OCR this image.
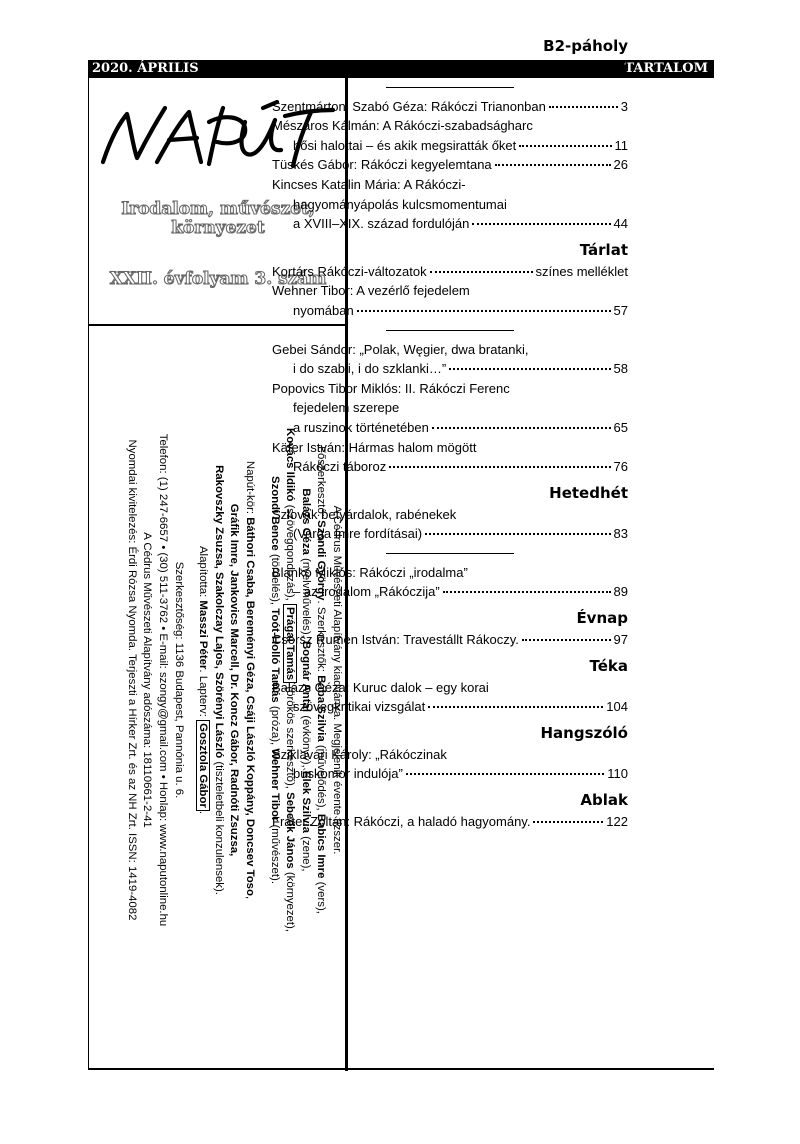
2020. ÁPRILIS	TARTALOM
Irodalom, művészet,
környezet
XXII. évfolyam 3. szám

A Cédrus Művészeti Alapítvány kiadványa. Megjelenik évente tízszer.

Főszerkesztő: Szondi György. Szerkesztők: Bába Szilvia (művelődés), Babics Imre (vers),

Balázs Géza (nyelvművelés), Bognár Antal (évkönyv), Elek Szilvia (zene),

Kovács Ildikó (szövegqondozás), Prágai Tamás (örökös szerkesztő), Sebeők János (környezet),

Szondi Bence (tördelés), Toót-Holló Tamás (próza), Wehner Tibor (művészet).

Napút-kör: Báthori Csaba, Bereményi Géza, Csáji László Koppány, Doncsev Toso,

Gráfik Imre, Jankovics Marcell, Dr. Koncz Gábor, Radnóti Zsuzsa,

Rakovszky Zsuzsa, Szakolczay Lajos, Szörényi László (tiszteletbeli konzulensek).

Alapította: Masszi Péter. Lapterv: Gosztola Gábor.

Szerkesztőség: 1136 Budapest, Pannónia u. 6.

Telefon: (1) 247-6657 • (30) 511-3762 • E-mail: szongy@gmail.com • Honlap: www.naputonline.hu

A Cédrus Művészeti Alapítvány adószáma: 18110661-2-41

Nyomdai kivitelezés: Érdi Rózsa Nyomda. Terjeszti a Hírker Zrt. és az NH Zrt. ISSN: 1419-4082

B2-páholy
Zalán Tibor tárcája	borítóbelső
Szentmártoni Szabó Géza: Rákóczi Trianonban	3
Mészáros Kálmán: A Rákóczi-szabadságharc
hősi halottai – és akik megsiratták őket	11
Tüskés Gábor: Rákóczi kegyelemtana	26
Kincses Katalin Mária: A Rákóczi-
hagyományápolás kulcsmomentumai
a XVIII–XIX. század fordulóján	44
Tárlat
Kortárs Rákóczi-változatok	színes melléklet
Wehner Tibor: A vezérlő fejedelem
nyomában	57
Gebei Sándor: „Polak, Węgier, dwa bratanki,
i do szabli, i do szklanki…”	58
Popovics Tibor Miklós: II. Rákóczi Ferenc
fejedelem szerepe
a ruszinok történetében	65
Käfer István: Hármas halom mögött
Rákóczi táboroz	76
Hetedhét
Szlovák betyárdalok, rabénekek
(Varga Imre fordításai)	83
Blankó Miklós: Rákóczi „irodalma”
– az irodalom „Rákóczija”	89
Évnap
Csörsz Rumen István: Travestállt Rákoczy.	97
Téka
Balázs Géza: Kuruc dalok – egy korai
szövegkritikai vizsgálat	104
Hangszóló
Sziklavári Károly: „Rákóczinak
búskomor indulója”	110
Ablak
Fráter Zoltán: Rákóczi, a haladó hagyomány.	122
